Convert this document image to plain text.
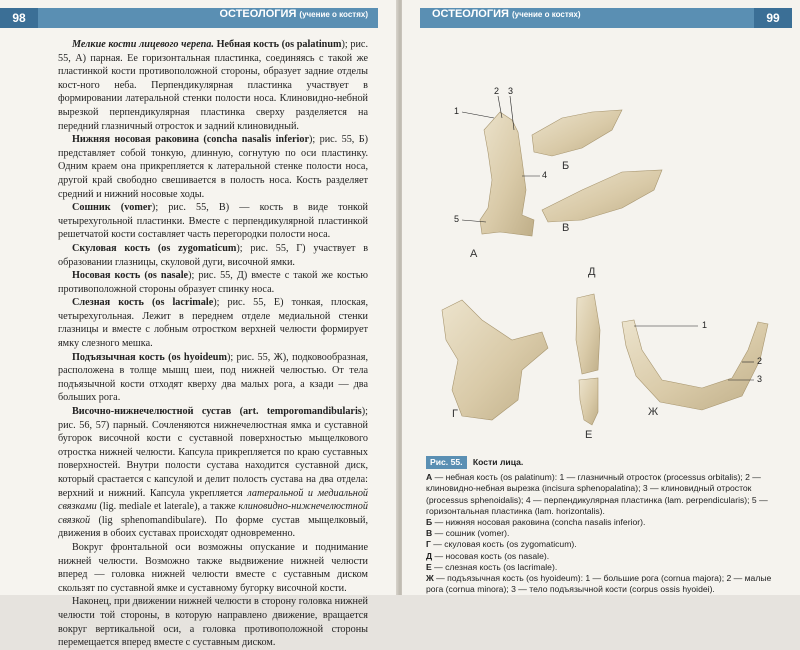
98	ОСТЕОЛОГИЯ (учение о костях)

Мелкие кости лицевого черепа. Небная кость (os palatinum); рис. 55, А) парная. Ее горизонтальная пластинка, соединяясь с такой же пластинкой кости противоположной стороны, образует задние отделы кост-ного неба. Перпендикулярная пластинка участвует в формировании латеральной стенки полости носа. Клиновидно-небной вырезкой перпендикулярная пластинка сверху разделяется на передний глазничный отросток и задний клиновидный.

Нижняя носовая раковина (concha nasalis inferior); рис. 55, Б) представляет собой тонкую, длинную, согнутую по оси пластинку. Одним краем она прикрепляется к латеральной стенке полости носа, другой край свободно свешивается в полость носа. Кость разделяет средний и нижний носовые ходы.

Сошник (vomer); рис. 55, В) — кость в виде тонкой четырехугольной пластинки. Вместе с перпендикулярной пластинкой решетчатой кости составляет часть перегородки полости носа.

Скуловая кость (os zygomaticum); рис. 55, Г) участвует в образовании глазницы, скуловой дуги, височной ямки.

Носовая кость (os nasale); рис. 55, Д) вместе с такой же костью противоположной стороны образует спинку носа.

Слезная кость (os lacrimale); рис. 55, Е) тонкая, плоская, четырехугольная. Лежит в переднем отделе медиальной стенки глазницы и вместе с лобным отростком верхней челюсти формирует ямку слезного мешка.

Подъязычная кость (os hyoideum); рис. 55, Ж), подковообразная, расположена в толще мышц шеи, под нижней челюстью. От тела подъязычной кости отходят кверху два малых рога, а кзади — два больших рога.

Височно-нижнечелюстной сустав (art. temporomandibularis); рис. 56, 57) парный. Сочленяются нижнечелюстная ямка и суставной бугорок височной кости с суставной поверхностью мыщелкового отростка нижней челюсти. Капсула прикрепляется по краю суставных поверхностей. Внутри полости сустава находится суставной диск, который срастается с капсулой и делит полость сустава на два отдела: верхний и нижний. Капсула укрепляется латеральной и медиальной связками (lig. mediale et laterale), а также клиновидно-нижнечелюстной связкой (lig sphenomandibulare). По форме сустав мыщелковый, движения в обоих суставах происходят одновременно.

Вокруг фронтальной оси возможны опускание и поднимание нижней челюсти. Возможно также выдвижение нижней челюсти вперед — головка нижней челюсти вместе с суставным диском скользят по суставной ямке и суставному бугорку височной кости.

Наконец, при движении нижней челюсти в сторону головка нижней челюсти той стороны, в которую направлено движение, вращается вокруг вертикальной оси, а головка противоположной стороны перемещается вперед вместе с суставным диском.

ОСТЕОЛОГИЯ (учение о костях)	99
А
Б
В
Д
Г
Е
Ж
1
2 3
4
5
1
2
3
Рис. 55. Кости лица.
А — небная кость (os palatinum): 1 — глазничный отросток (processus orbitalis); 2 — клиновидно-небная вырезка (incisura sphenopalatina); 3 — клиновидный отросток (processus sphenoidalis); 4 — перпендикулярная пластинка (lam. perpendicularis); 5 — горизонтальная пластинка (lam. horizontalis).
Б — нижняя носовая раковина (concha nasalis inferior).
В — сошник (vomer).
Г — скуловая кость (os zygomaticum).
Д — носовая кость (os nasale).
Е — слезная кость (os lacrimale).
Ж — подъязычная кость (os hyoideum): 1 — большие рога (cornua majora); 2 — малые рога (cornua minora); 3 — тело подъязычной кости (corpus ossis hyoidei).
